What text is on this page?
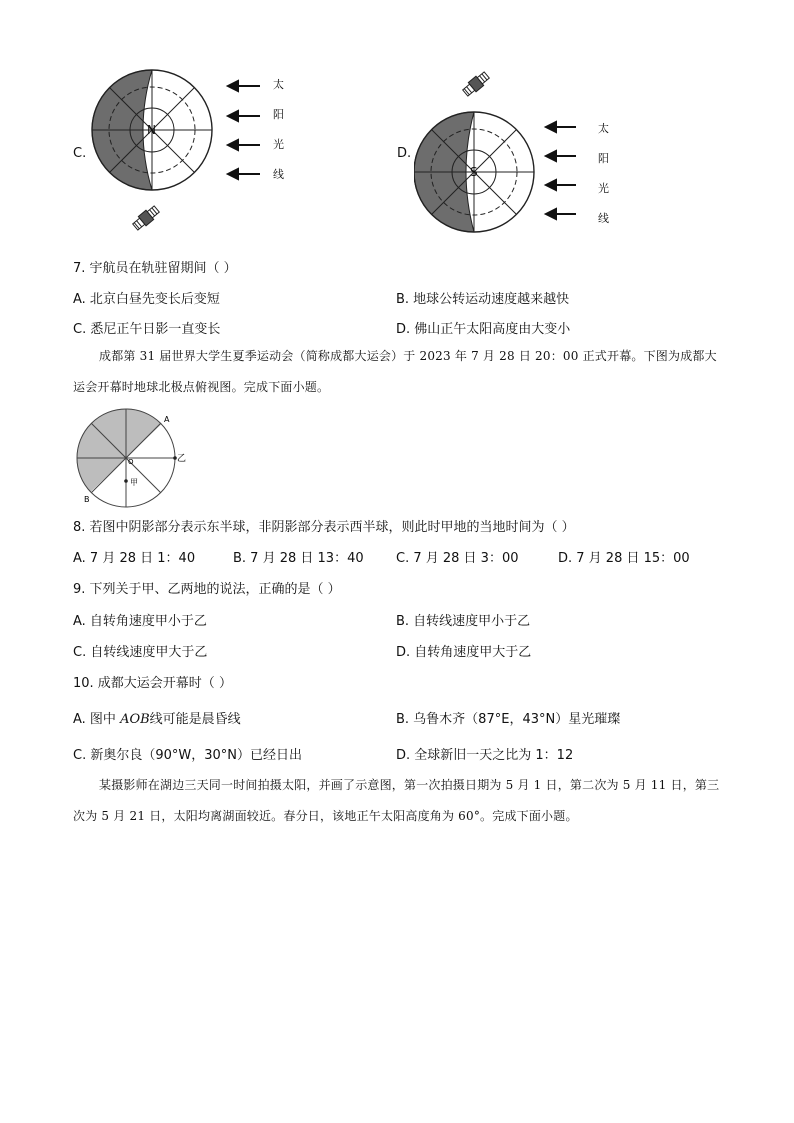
C.
N
太
阳
光
线
D.
S
太
阳
光
线
7. 宇航员在轨驻留期间（ ）
A. 北京白昼先变长后变短	B. 地球公转运动速度越来越快
C. 悉尼正午日影一直变长	D. 佛山正午太阳高度由大变小
成都第 31 届世界大学生夏季运动会（简称成都大运会）于 2023 年 7 月 28 日 20：00 正式开幕。下图为成都大运会开幕时地球北极点俯视图。完成下面小题。
A
B
O	乙
甲
8. 若图中阴影部分表示东半球，非阴影部分表示西半球，则此时甲地的当地时间为（ ）
A. 7 月 28 日 1：40	B. 7 月 28 日 13：40 C. 7 月 28 日 3：00	D. 7 月 28 日 15：00
9. 下列关于甲、乙两地的说法，正确的是（ ）
A. 自转角速度甲小于乙	B. 自转线速度甲小于乙
C. 自转线速度甲大于乙	D. 自转角速度甲大于乙
10. 成都大运会开幕时（ ）
A. 图中 AOB线可能是晨昏线	B. 乌鲁木齐（87°E，43°N）星光璀璨
C. 新奥尔良（90°W，30°N）已经日出	D. 全球新旧一天之比为 1：12
某摄影师在湖边三天同一时间拍摄太阳，并画了示意图，第一次拍摄日期为 5 月 1 日，第二次为 5 月 11 日，第三次为 5 月 21 日，太阳均离湖面较近。春分日，该地正午太阳高度角为 60°。完成下面小题。
